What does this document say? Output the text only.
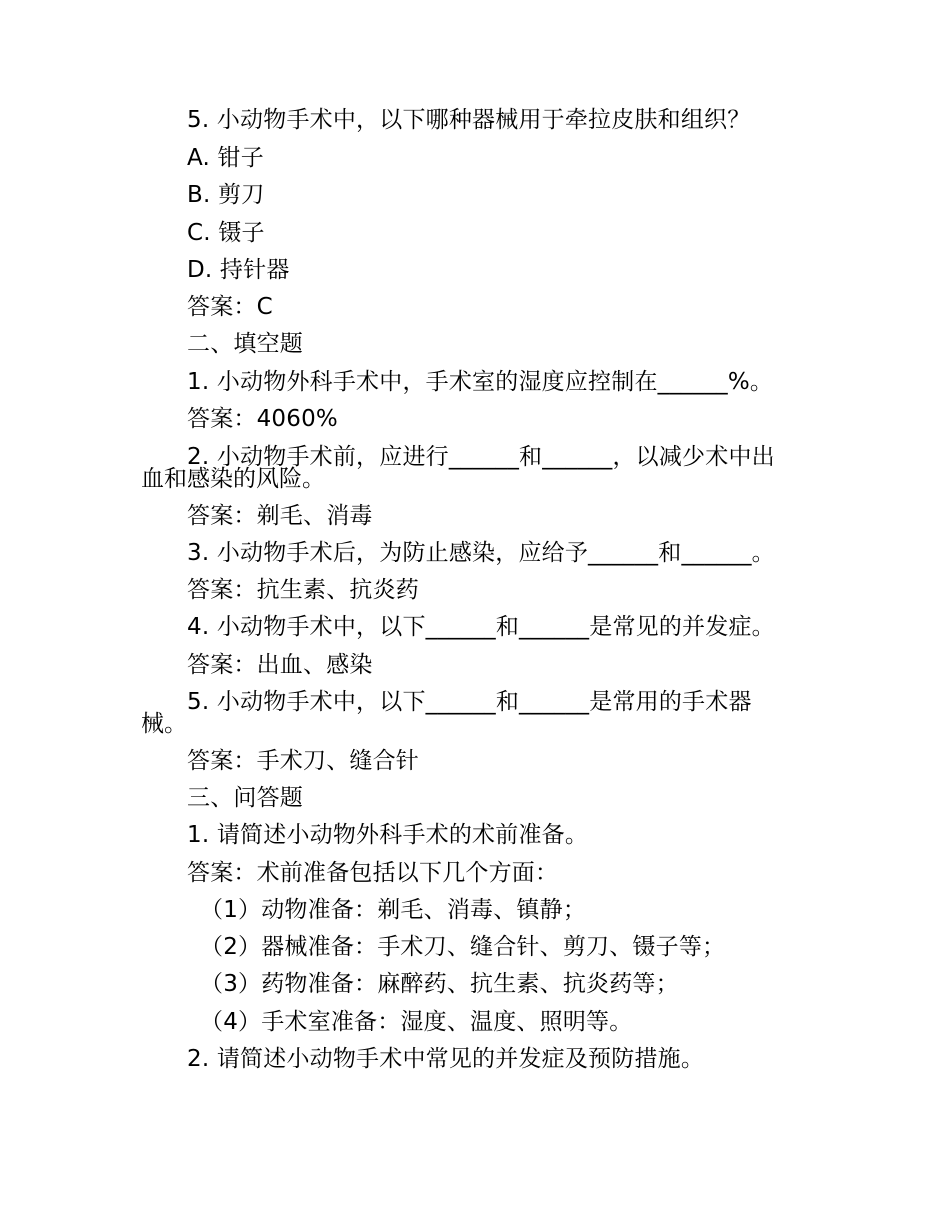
5. 小动物手术中，以下哪种器械用于牵拉皮肤和组织？
A. 钳子
B. 剪刀
C. 镊子
D. 持针器
答案：C
二、填空题
1. 小动物外科手术中，手术室的湿度应控制在______%。
答案：4060%
2. 小动物手术前，应进行______和______，以减少术中出
血和感染的风险。
答案：剃毛、消毒
3. 小动物手术后，为防止感染，应给予______和______。
答案：抗生素、抗炎药
4. 小动物手术中，以下______和______是常见的并发症。
答案：出血、感染
5. 小动物手术中，以下______和______是常用的手术器
械。
答案：手术刀、缝合针
三、问答题
1. 请简述小动物外科手术的术前准备。
答案：术前准备包括以下几个方面：
（1）动物准备：剃毛、消毒、镇静；
（2）器械准备：手术刀、缝合针、剪刀、镊子等；
（3）药物准备：麻醉药、抗生素、抗炎药等；
（4）手术室准备：湿度、温度、照明等。
2. 请简述小动物手术中常见的并发症及预防措施。
